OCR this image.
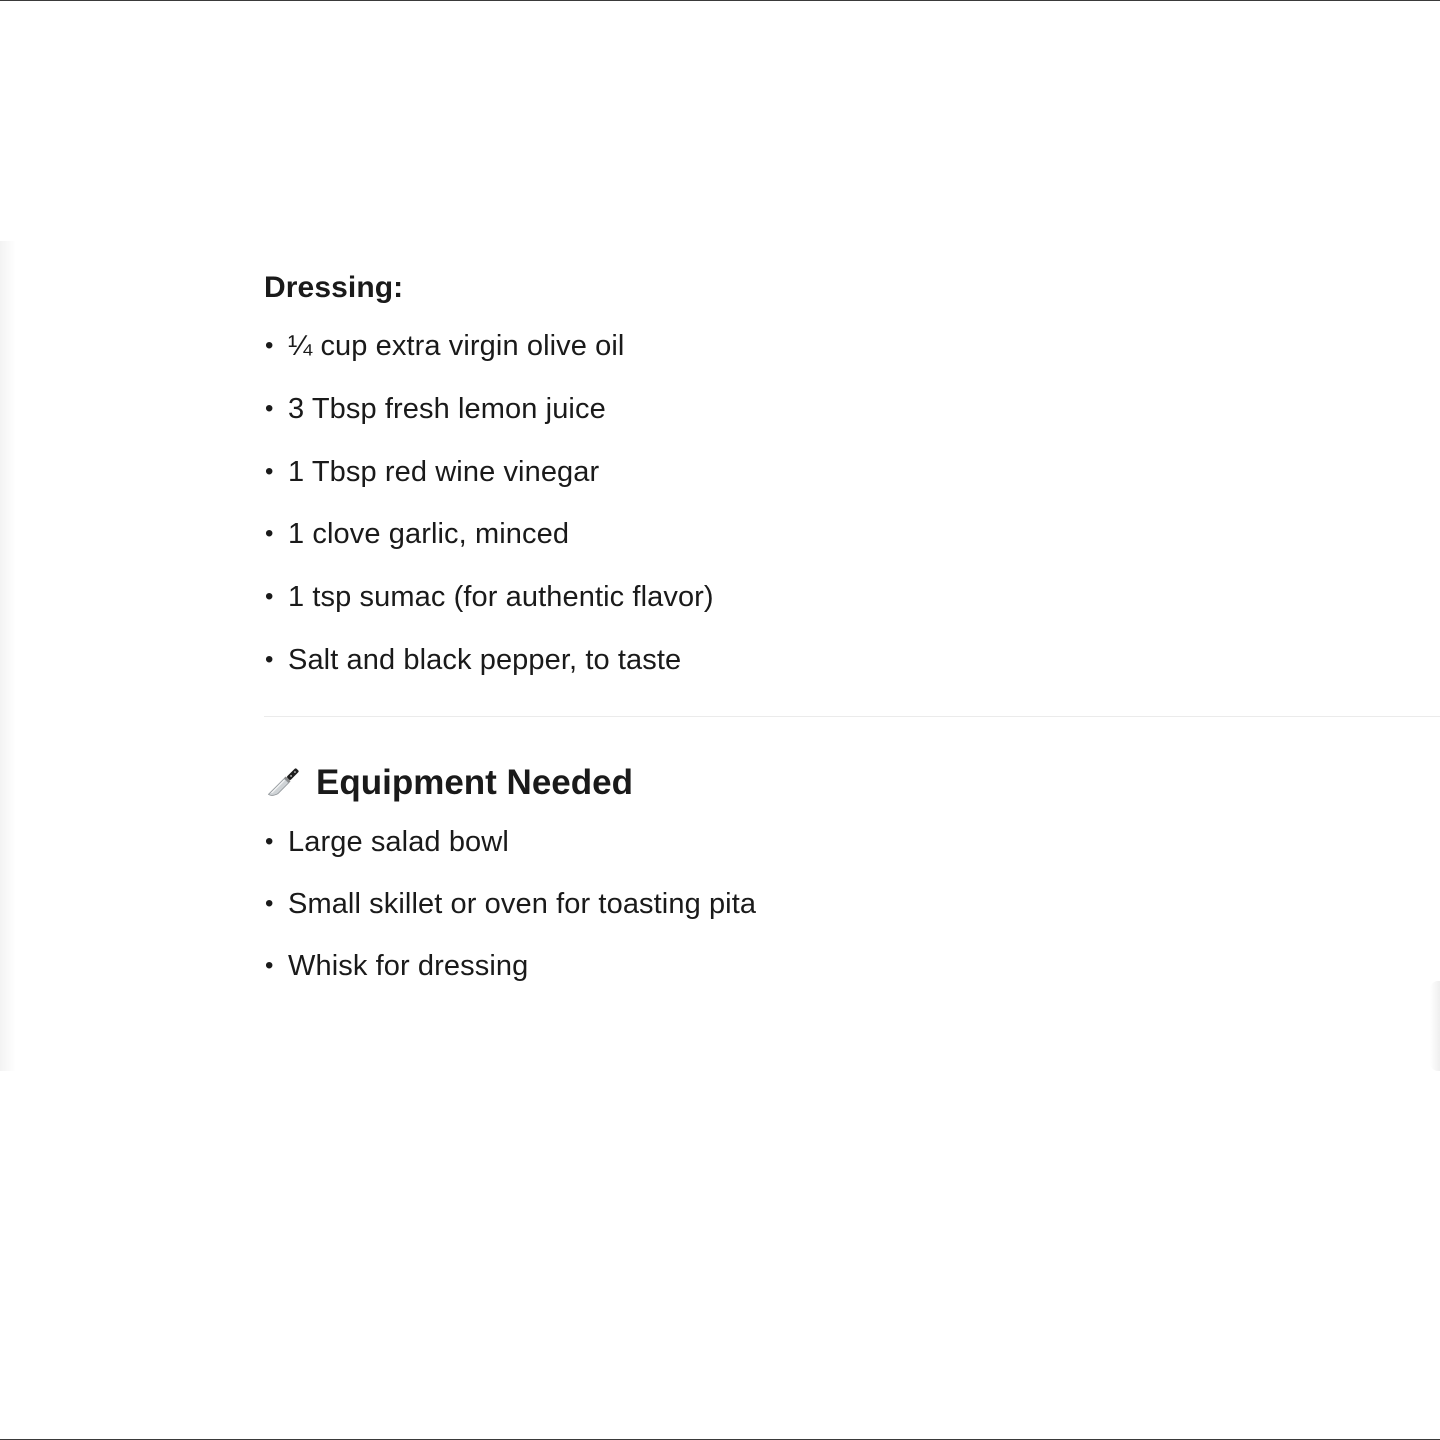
Dressing:
• ¼ cup extra virgin olive oil
• 3 Tbsp fresh lemon juice
• 1 Tbsp red wine vinegar
• 1 clove garlic, minced
• 1 tsp sumac (for authentic flavor)
• Salt and black pepper, to taste
Equipment Needed
• Large salad bowl
• Small skillet or oven for toasting pita
• Whisk for dressing
